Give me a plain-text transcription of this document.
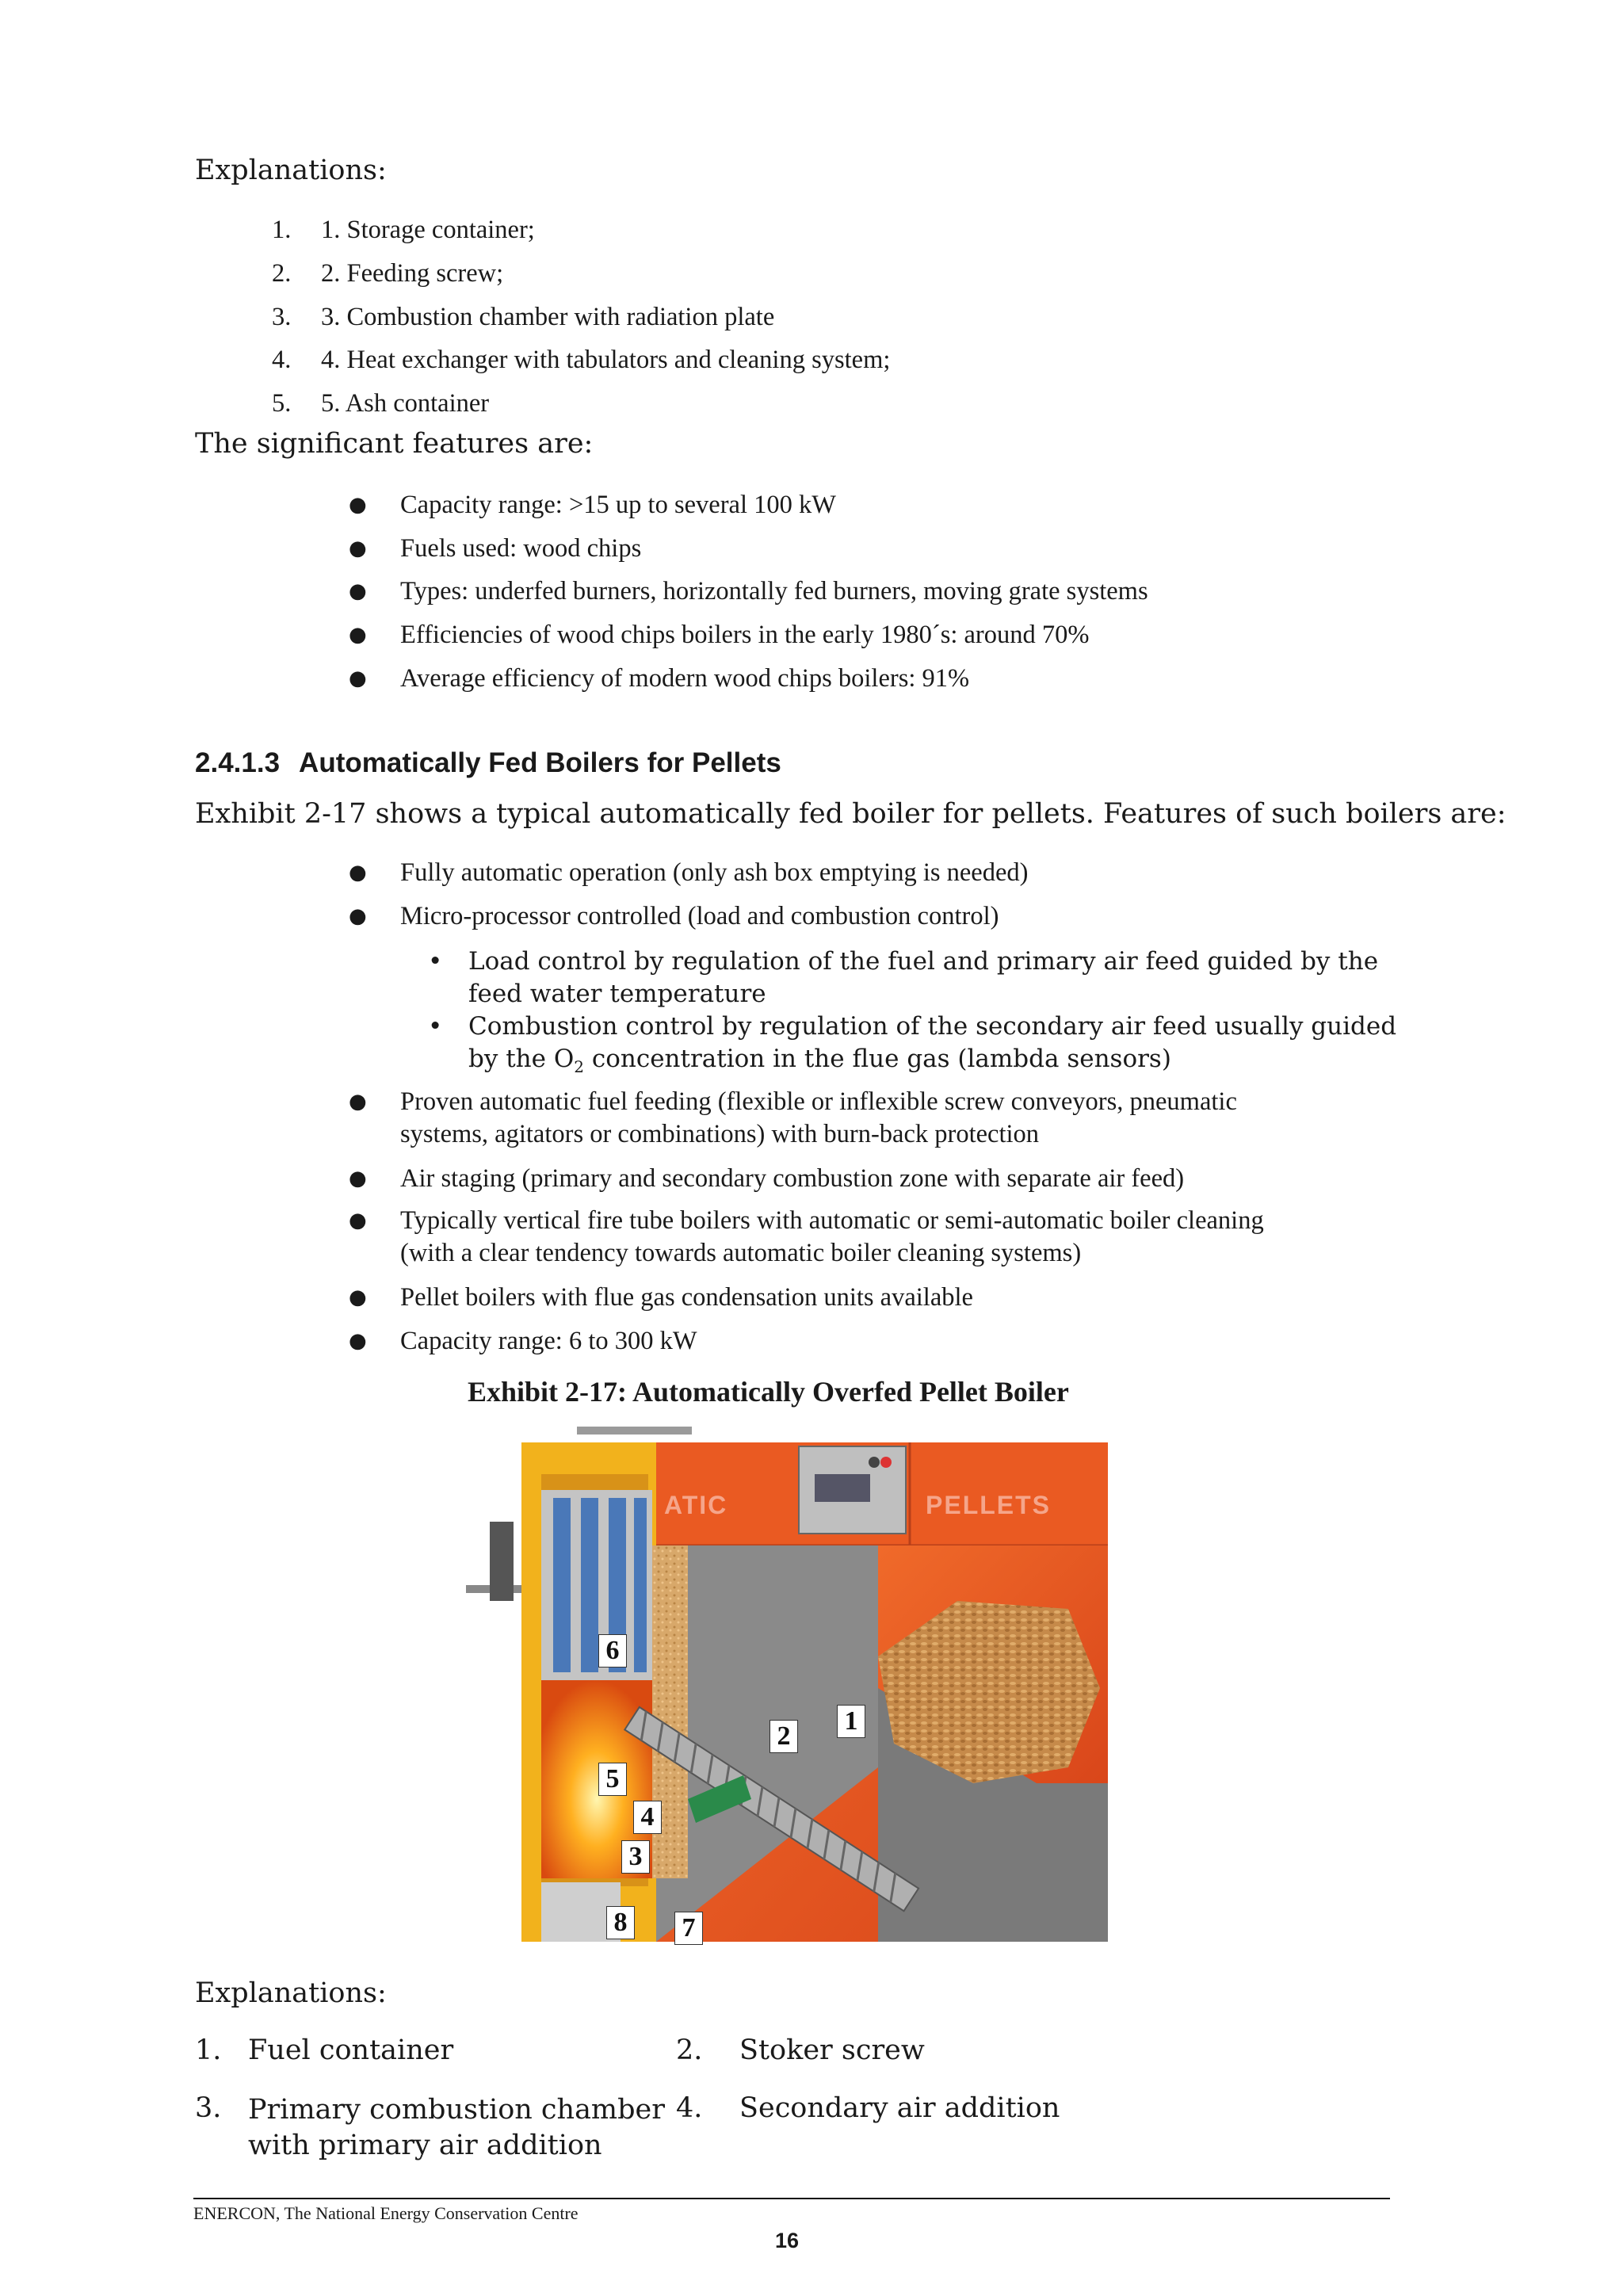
Explanations:
1. 1. Storage container;
2. 2. Feeding screw;
3. 3. Combustion chamber with radiation plate
4. 4. Heat exchanger with tabulators and cleaning system;
5. 5. Ash container
The significant features are:
● Capacity range: >15 up to several 100 kW
● Fuels used: wood chips
● Types: underfed burners, horizontally fed burners, moving grate systems
● Efficiencies of wood chips boilers in the early 1980´s: around 70%
● Average efficiency of modern wood chips boilers: 91%
2.4.1.3 Automatically Fed Boilers for Pellets
Exhibit 2-17 shows a typical automatically fed boiler for pellets. Features of such boilers are:
● Fully automatic operation (only ash box emptying is needed)
● Micro-processor controlled (load and combustion control)
• Load control by regulation of the fuel and primary air feed guided by the
feed water temperature
• Combustion control by regulation of the secondary air feed usually guided
by the $O_2$ concentration in the flue gas (lambda sensors)
● Proven automatic fuel feeding (flexible or inflexible screw conveyors, pneumatic
systems, agitators or combinations) with burn-back protection
● Air staging (primary and secondary combustion zone with separate air feed)
● Typically vertical fire tube boilers with automatic or semi-automatic boiler cleaning
(with a clear tendency towards automatic boiler cleaning systems)
● Pellet boilers with flue gas condensation units available
● Capacity range: 6 to 300 kW
Exhibit 2-17: Automatically Overfed Pellet Boiler
ATIC	PELLETS
1
2
3
4
5
6
7
8
Explanations:
1. Fuel container	2. Stoker screw
3. Primary combustion chamber
with primary air addition
4. Secondary air addition
ENERCON, The National Energy Conservation Centre
16
